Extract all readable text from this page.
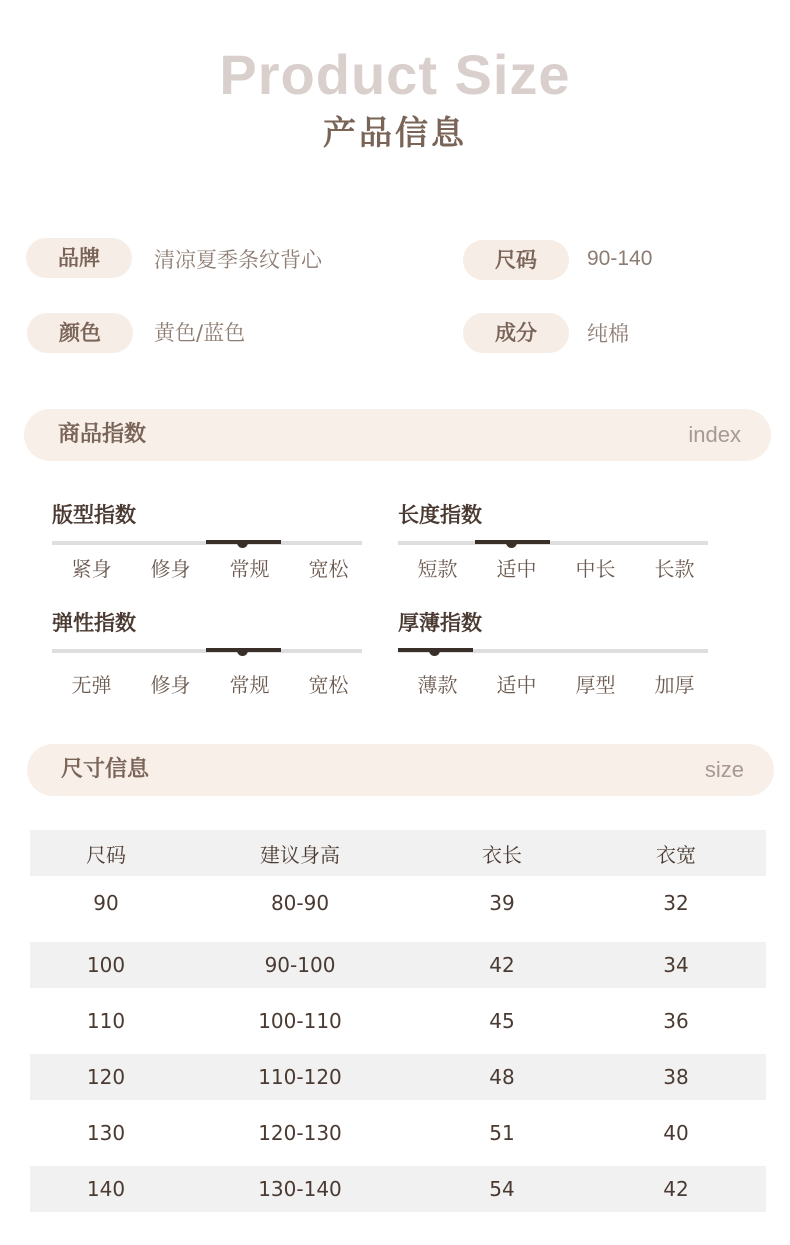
Product Size
产品信息
品牌	清凉夏季条纹背心	尺码	90-140
颜色	黄色/蓝色	成分	纯棉
商品指数	index
版型指数
紧身	修身	常规	宽松
长度指数
短款	适中	中长	长款
弹性指数
无弹	修身	常规	宽松
厚薄指数
薄款	适中	厚型	加厚
尺寸信息	size
尺码	建议身高	衣长	衣宽
90	80-90	39	32
100	90-100	42	34
110	100-110	45	36
120	110-120	48	38
130	120-130	51	40
140	130-140	54	42
